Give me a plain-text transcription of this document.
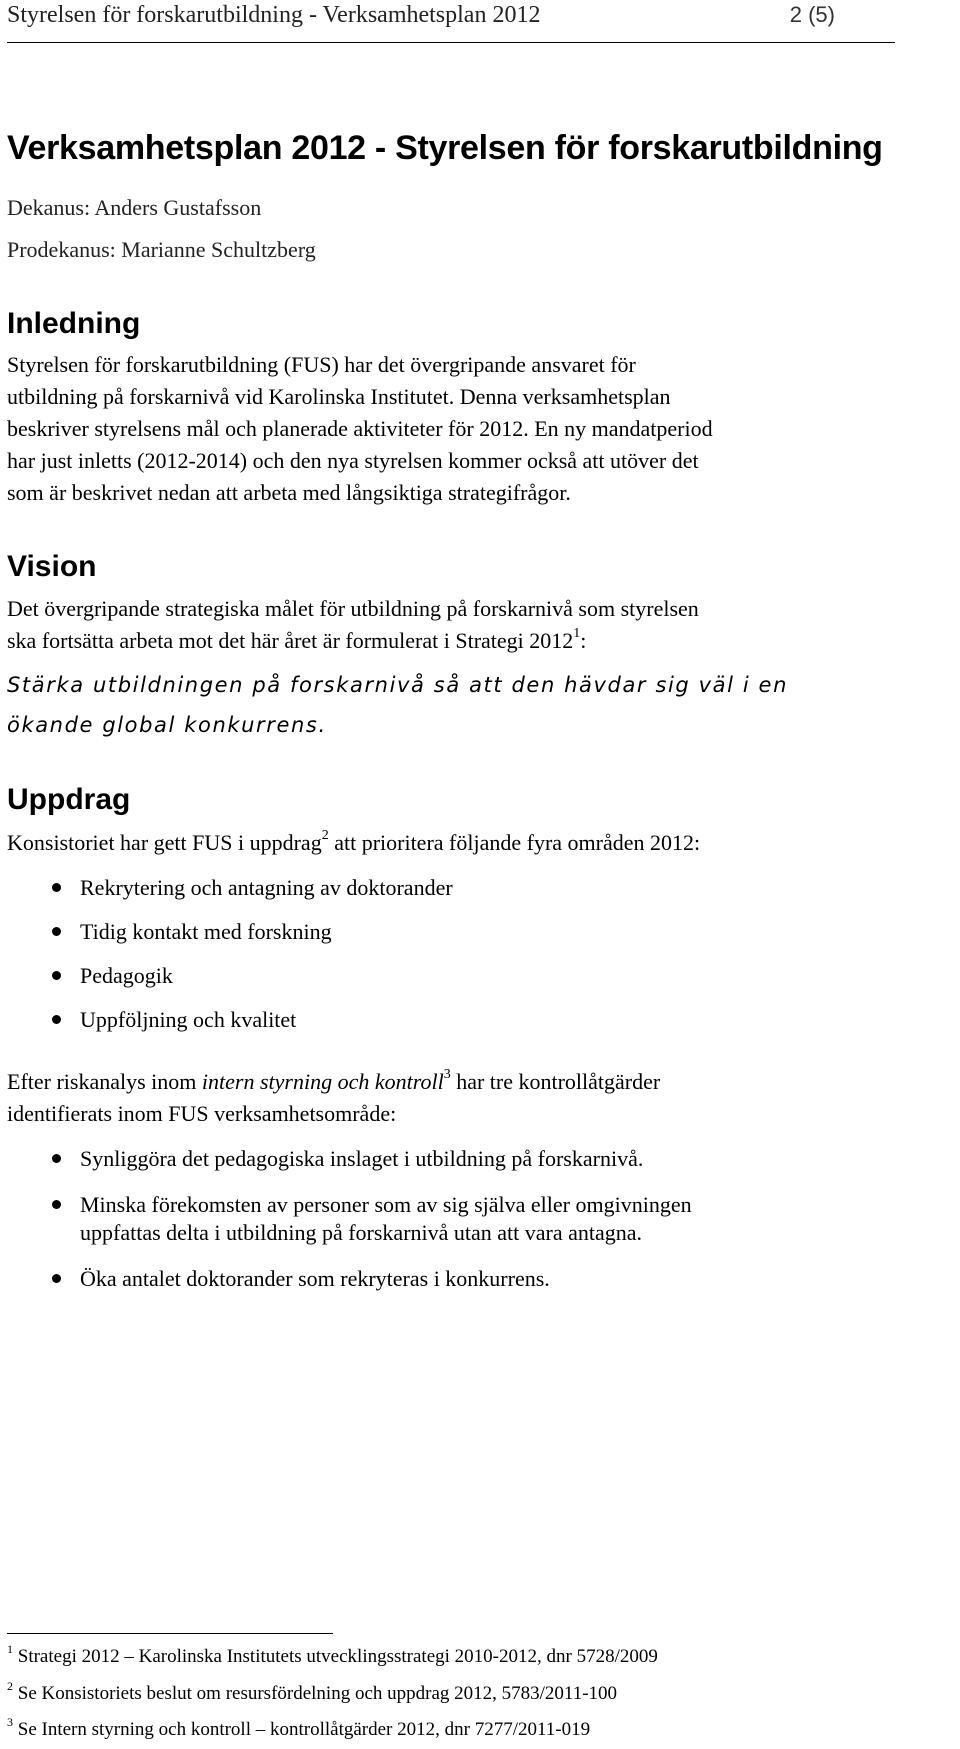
Styrelsen för forskarutbildning - Verksamhetsplan 2012	2 (5)
Verksamhetsplan 2012 - Styrelsen för forskarutbildning
Dekanus: Anders Gustafsson
Prodekanus: Marianne Schultzberg
Inledning

Styrelsen för forskarutbildning (FUS) har det övergripande ansvaret för

utbildning på forskarnivå vid Karolinska Institutet. Denna verksamhetsplan

beskriver styrelsens mål och planerade aktiviteter för 2012. En ny mandatperiod

har just inletts (2012-2014) och den nya styrelsen kommer också att utöver det

som är beskrivet nedan att arbeta med långsiktiga strategifrågor.

Vision

Det övergripande strategiska målet för utbildning på forskarnivå som styrelsen

ska fortsätta arbeta mot det här året är formulerat i Strategi 2012$^1$:

Stärka utbildningen på forskarnivå så att den hävdar sig väl i en
ökande global konkurrens.
Uppdrag

Konsistoriet har gett FUS i uppdrag$^2$ att prioritera följande fyra områden 2012:

Rekrytering och antagning av doktorander
Tidig kontakt med forskning
Pedagogik
Uppföljning och kvalitet

Efter riskanalys inom intern styrning och kontroll$^3$ har tre kontrollåtgärder

identifierats inom FUS verksamhetsområde:

Synliggöra det pedagogiska inslaget i utbildning på forskarnivå.
Minska förekomsten av personer som av sig själva eller omgivningen
uppfattas delta i utbildning på forskarnivå utan att vara antagna.
Öka antalet doktorander som rekryteras i konkurrens.
$^1$ Strategi 2012 – Karolinska Institutets utvecklingsstrategi 2010-2012, dnr 5728/2009
$^2$ Se Konsistoriets beslut om resursfördelning och uppdrag 2012, 5783/2011-100
$^3$ Se Intern styrning och kontroll – kontrollåtgärder 2012, dnr 7277/2011-019
